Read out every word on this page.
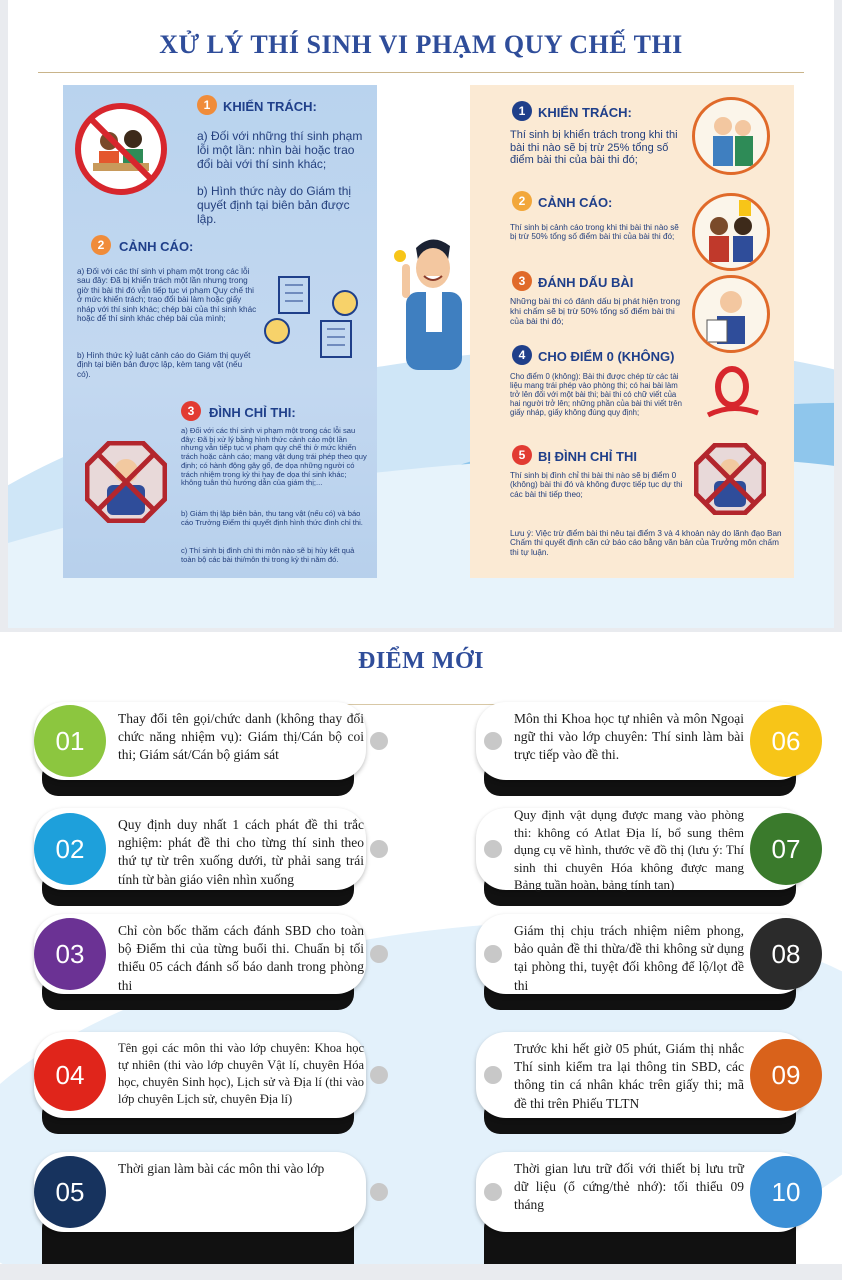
XỬ LÝ THÍ SINH VI PHẠM QUY CHẾ THI
1 KHIỂN TRÁCH:

a) Đối với những thí sinh phạm lỗi một lần: nhìn bài hoặc trao đổi bài với thí sinh khác;

b) Hình thức này do Giám thị quyết định tại biên bản được lập.

2	CẢNH CÁO:

a) Đối với các thí sinh vi phạm một trong các lỗi sau đây: Đã bị khiển trách một lần nhưng trong giờ thi bài thi đó vẫn tiếp tục vi phạm Quy chế thi ở mức khiển trách; trao đổi bài làm hoặc giấy nháp với thí sinh khác; chép bài của thí sinh khác hoặc để thí sinh khác chép bài của mình;

b) Hình thức kỷ luật cảnh cáo do Giám thị quyết định tại biên bản được lập, kèm tang vật (nếu có).

3	ĐÌNH CHỈ THI:

a) Đối với các thí sinh vi phạm một trong các lỗi sau đây: Đã bị xử lý bằng hình thức cảnh cáo một lần nhưng vẫn tiếp tục vi phạm quy chế thi ở mức khiển trách hoặc cảnh cáo; mang vật dụng trái phép theo quy định; có hành động gây gổ, đe dọa những người có trách nhiệm trong kỳ thi hay đe dọa thí sinh khác; không tuân thủ hướng dẫn của giám thị;...

b) Giám thị lập biên bản, thu tang vật (nếu có) và báo cáo Trưởng Điểm thi quyết định hình thức đình chỉ thi.

c) Thí sinh bị đình chỉ thi môn nào sẽ bị hủy kết quả toàn bộ các bài thi/môn thi trong kỳ thi năm đó.

1 KHIỂN TRÁCH:

Thí sinh bị khiển trách trong khi thi bài thi nào sẽ bị trừ 25% tổng số điểm bài thi của bài thi đó;

2 CẢNH CÁO:

Thí sinh bị cảnh cáo trong khi thi bài thi nào sẽ bị trừ 50% tổng số điểm bài thi của bài thi đó;

3 ĐÁNH DẤU BÀI

Những bài thi có đánh dấu bị phát hiện trong khi chấm sẽ bị trừ 50% tổng số điểm bài thi của bài thi đó;

4 CHO ĐIỂM 0 (KHÔNG)

Cho điểm 0 (không): Bài thi được chép từ các tài liệu mang trái phép vào phòng thi; có hai bài làm trở lên đối với một bài thi; bài thi có chữ viết của hai người trở lên; những phần của bài thi viết trên giấy nháp, giấy không đúng quy định;

5 BỊ ĐÌNH CHỈ THI

Thí sinh bị đình chỉ thi bài thi nào sẽ bị điểm 0 (không) bài thi đó và không được tiếp tục dự thi các bài thi tiếp theo;

Lưu ý: Việc trừ điểm bài thi nêu tại điểm 3 và 4 khoản này do lãnh đạo Ban Chấm thi quyết định căn cứ báo cáo bằng văn bản của Trưởng môn chấm thi tự luận.

ĐIỂM MỚI
01

Thay đổi tên gọi/chức danh (không thay đổi chức năng nhiệm vụ): Giám thị/Cán bộ coi thi; Giám sát/Cán bộ giám sát

02

Quy định duy nhất 1 cách phát đề thi trắc nghiệm: phát đề thi cho từng thí sinh theo thứ tự từ trên xuống dưới, từ phải sang trái tính từ bàn giáo viên nhìn xuống

03

Chỉ còn bốc thăm cách đánh SBD cho toàn bộ Điểm thi của từng buổi thi. Chuẩn bị tối thiểu 05 cách đánh số báo danh trong phòng thi

04

Tên gọi các môn thi vào lớp chuyên: Khoa học tự nhiên (thi vào lớp chuyên Vật lí, chuyên Hóa học, chuyên Sinh học), Lịch sử và Địa lí (thi vào lớp chuyên Lịch sử, chuyên Địa lí)

05

Thời gian làm bài các môn thi vào lớp

06

Môn thi Khoa học tự nhiên và môn Ngoại ngữ thi vào lớp chuyên: Thí sinh làm bài trực tiếp vào đề thi.

07

Quy định vật dụng được mang vào phòng thi: không có Atlat Địa lí, bổ sung thêm dụng cụ vẽ hình, thước vẽ đồ thị (lưu ý: Thí sinh thi chuyên Hóa không được mang Bảng tuần hoàn, bảng tính tan)

08

Giám thị chịu trách nhiệm niêm phong, bảo quản đề thi thừa/đề thi không sử dụng tại phòng thi, tuyệt đối không để lộ/lọt đề thi

09

Trước khi hết giờ 05 phút, Giám thị nhắc Thí sinh kiểm tra lại thông tin SBD, các thông tin cá nhân khác trên giấy thi; mã đề thi trên Phiếu TLTN

10

Thời gian lưu trữ đối với thiết bị lưu trữ dữ liệu (ổ cứng/thẻ nhớ): tối thiểu 09 tháng
